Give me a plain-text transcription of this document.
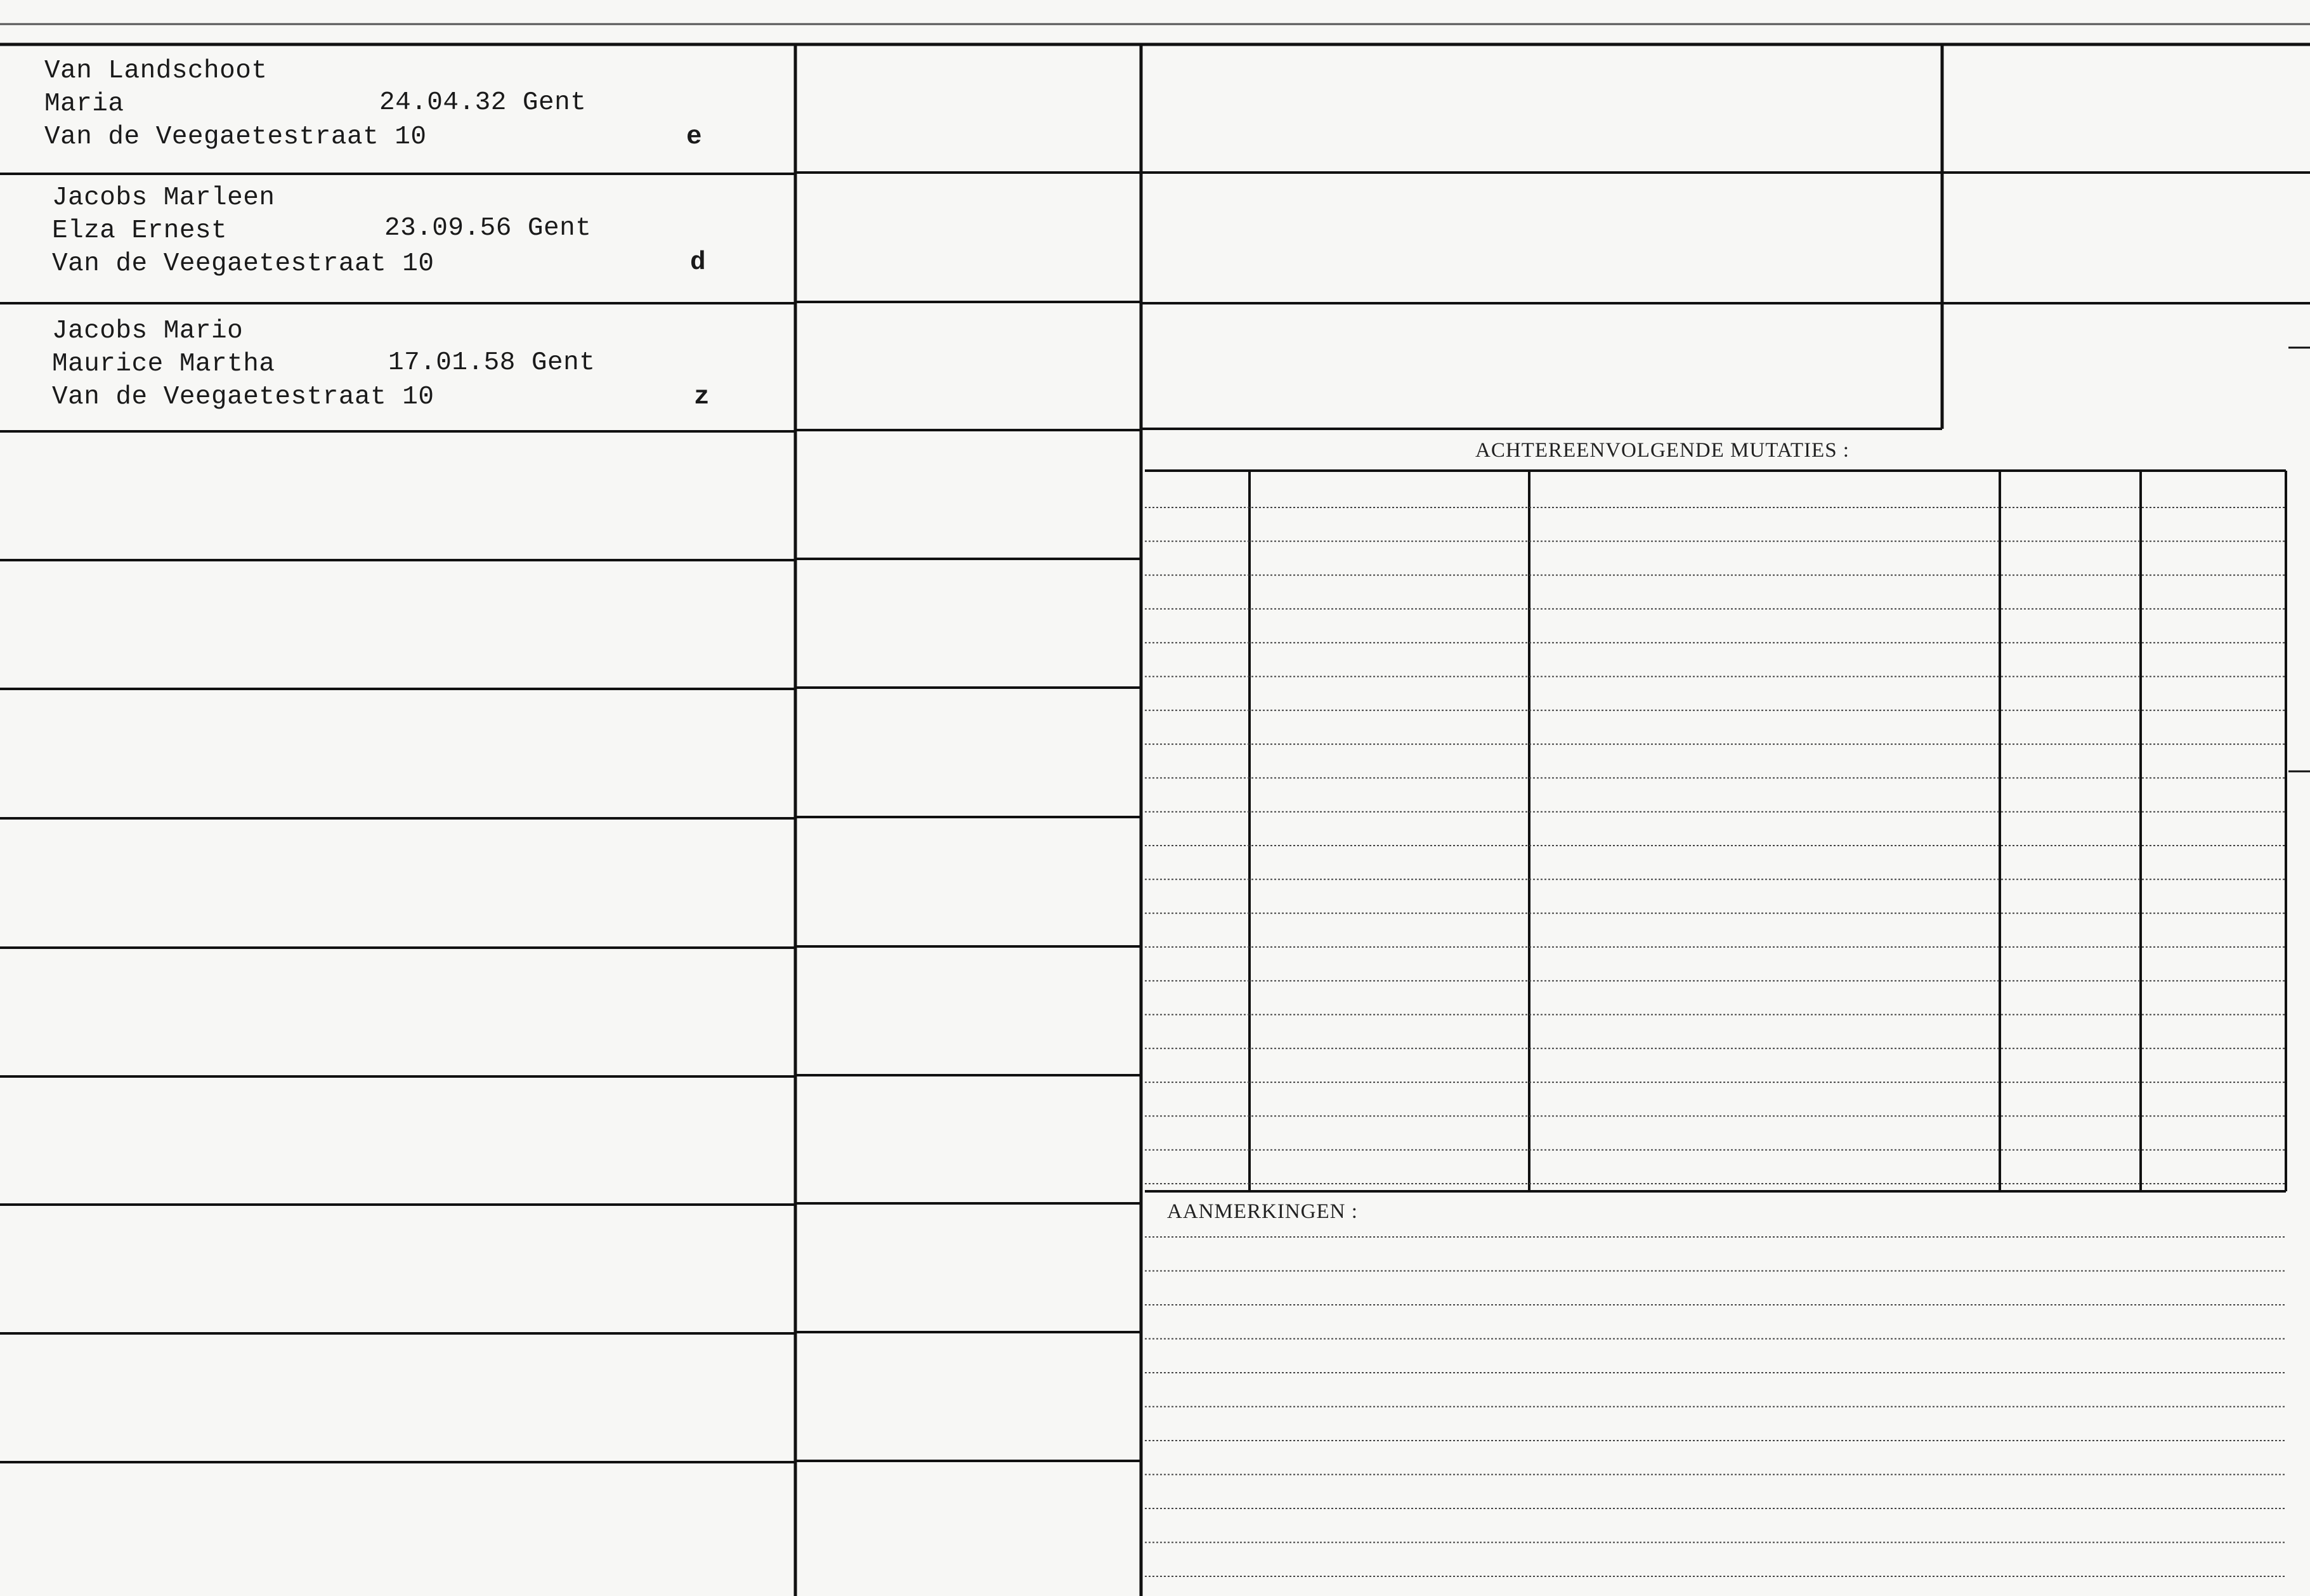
Van Landschoot

Maria

	24.04.32 Gent

Van de Veegaetestraat 10

	e

Jacobs Marleen

Elza Ernest

	23.09.56 Gent

Van de Veegaetestraat 10

	d

Jacobs Mario

Maurice Martha

	17.01.58 Gent

Van de Veegaetestraat 10

	z

ACHTEREENVOLGENDE MUTATIES :
AANMERKINGEN :
